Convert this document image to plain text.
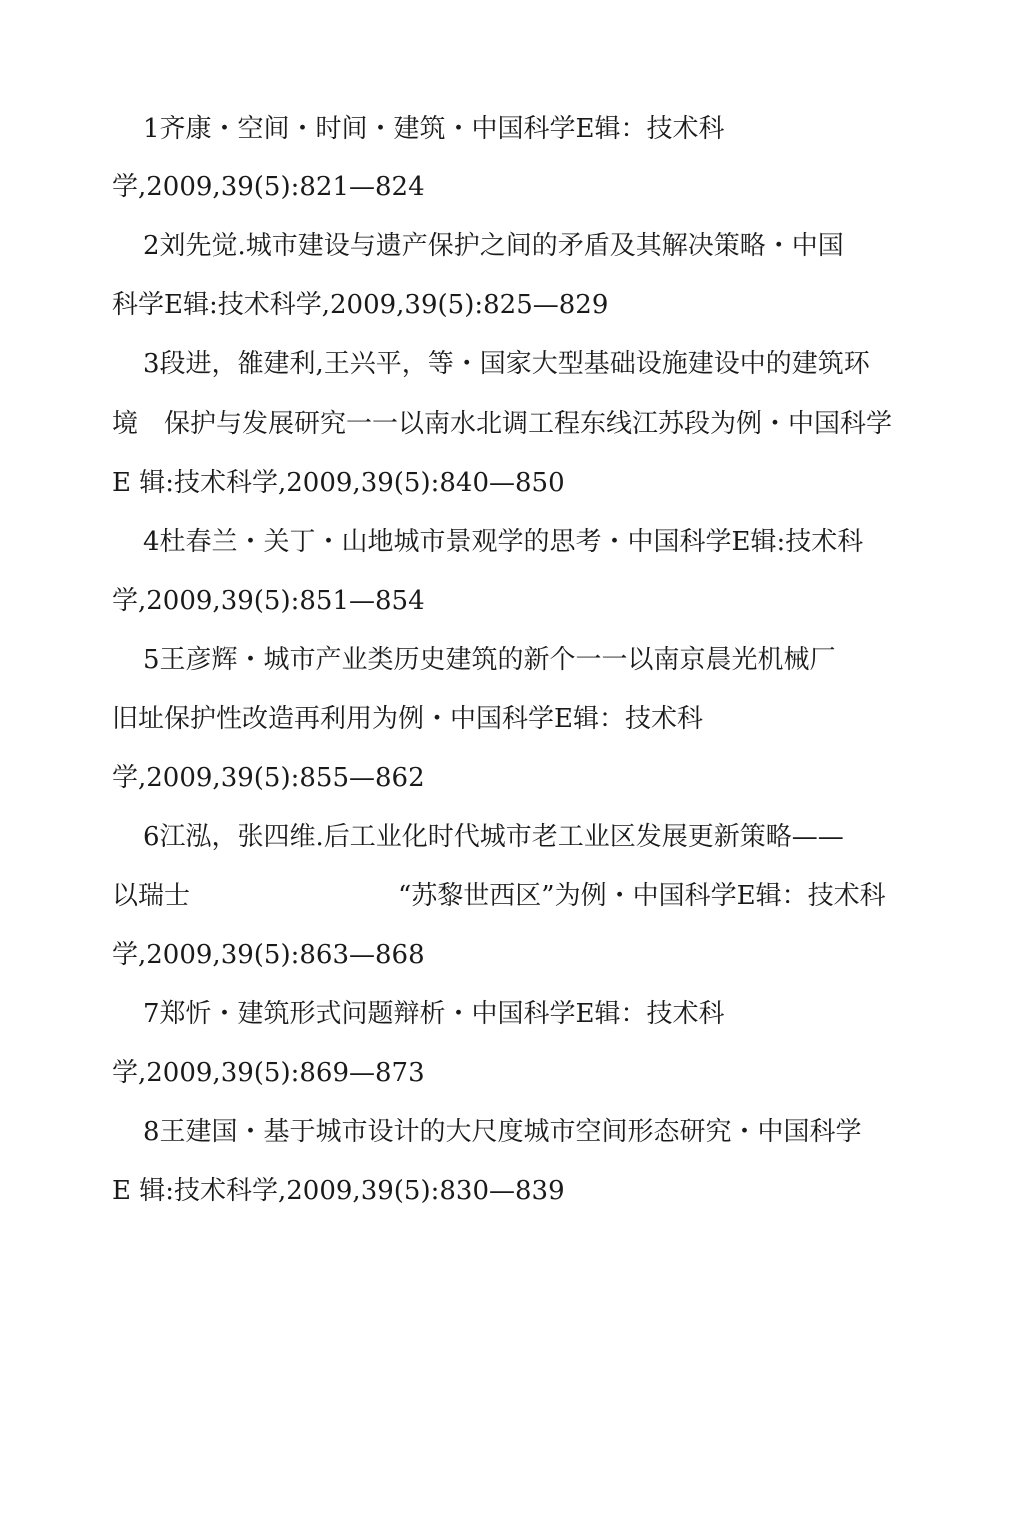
1齐康・空间・时间・建筑・中国科学E辑：技术科
学,2009,39(5):821—824
2刘先觉.城市建设与遗产保护之间的矛盾及其解决策略・中国
科学E辑:技术科学,2009,39(5):825—829
3段进，雒建利,王兴平，等・国家大型基础设施建设中的建筑环
境 保护与发展研究一一以南水北调工程东线江苏段为例・中国科学
E 辑:技术科学,2009,39(5):840—850
4杜春兰・关丁・山地城市景观学的思考・中国科学E辑:技术科
学,2009,39(5):851—854
5王彦辉・城市产业类历史建筑的新个一一以南京晨光机械厂
旧址保护性改造再利用为例・中国科学E辑：技术科
学,2009,39(5):855—862
6江泓，张四维.后工业化时代城市老工业区发展更新策略——
以瑞士	“苏黎世西区”为例・中国科学E辑：技术科
学,2009,39(5):863—868
7郑忻・建筑形式问题辩析・中国科学E辑：技术科
学,2009,39(5):869—873
8王建国・基于城市设计的大尺度城市空间形态研究・中国科学
E 辑:技术科学,2009,39(5):830—839
